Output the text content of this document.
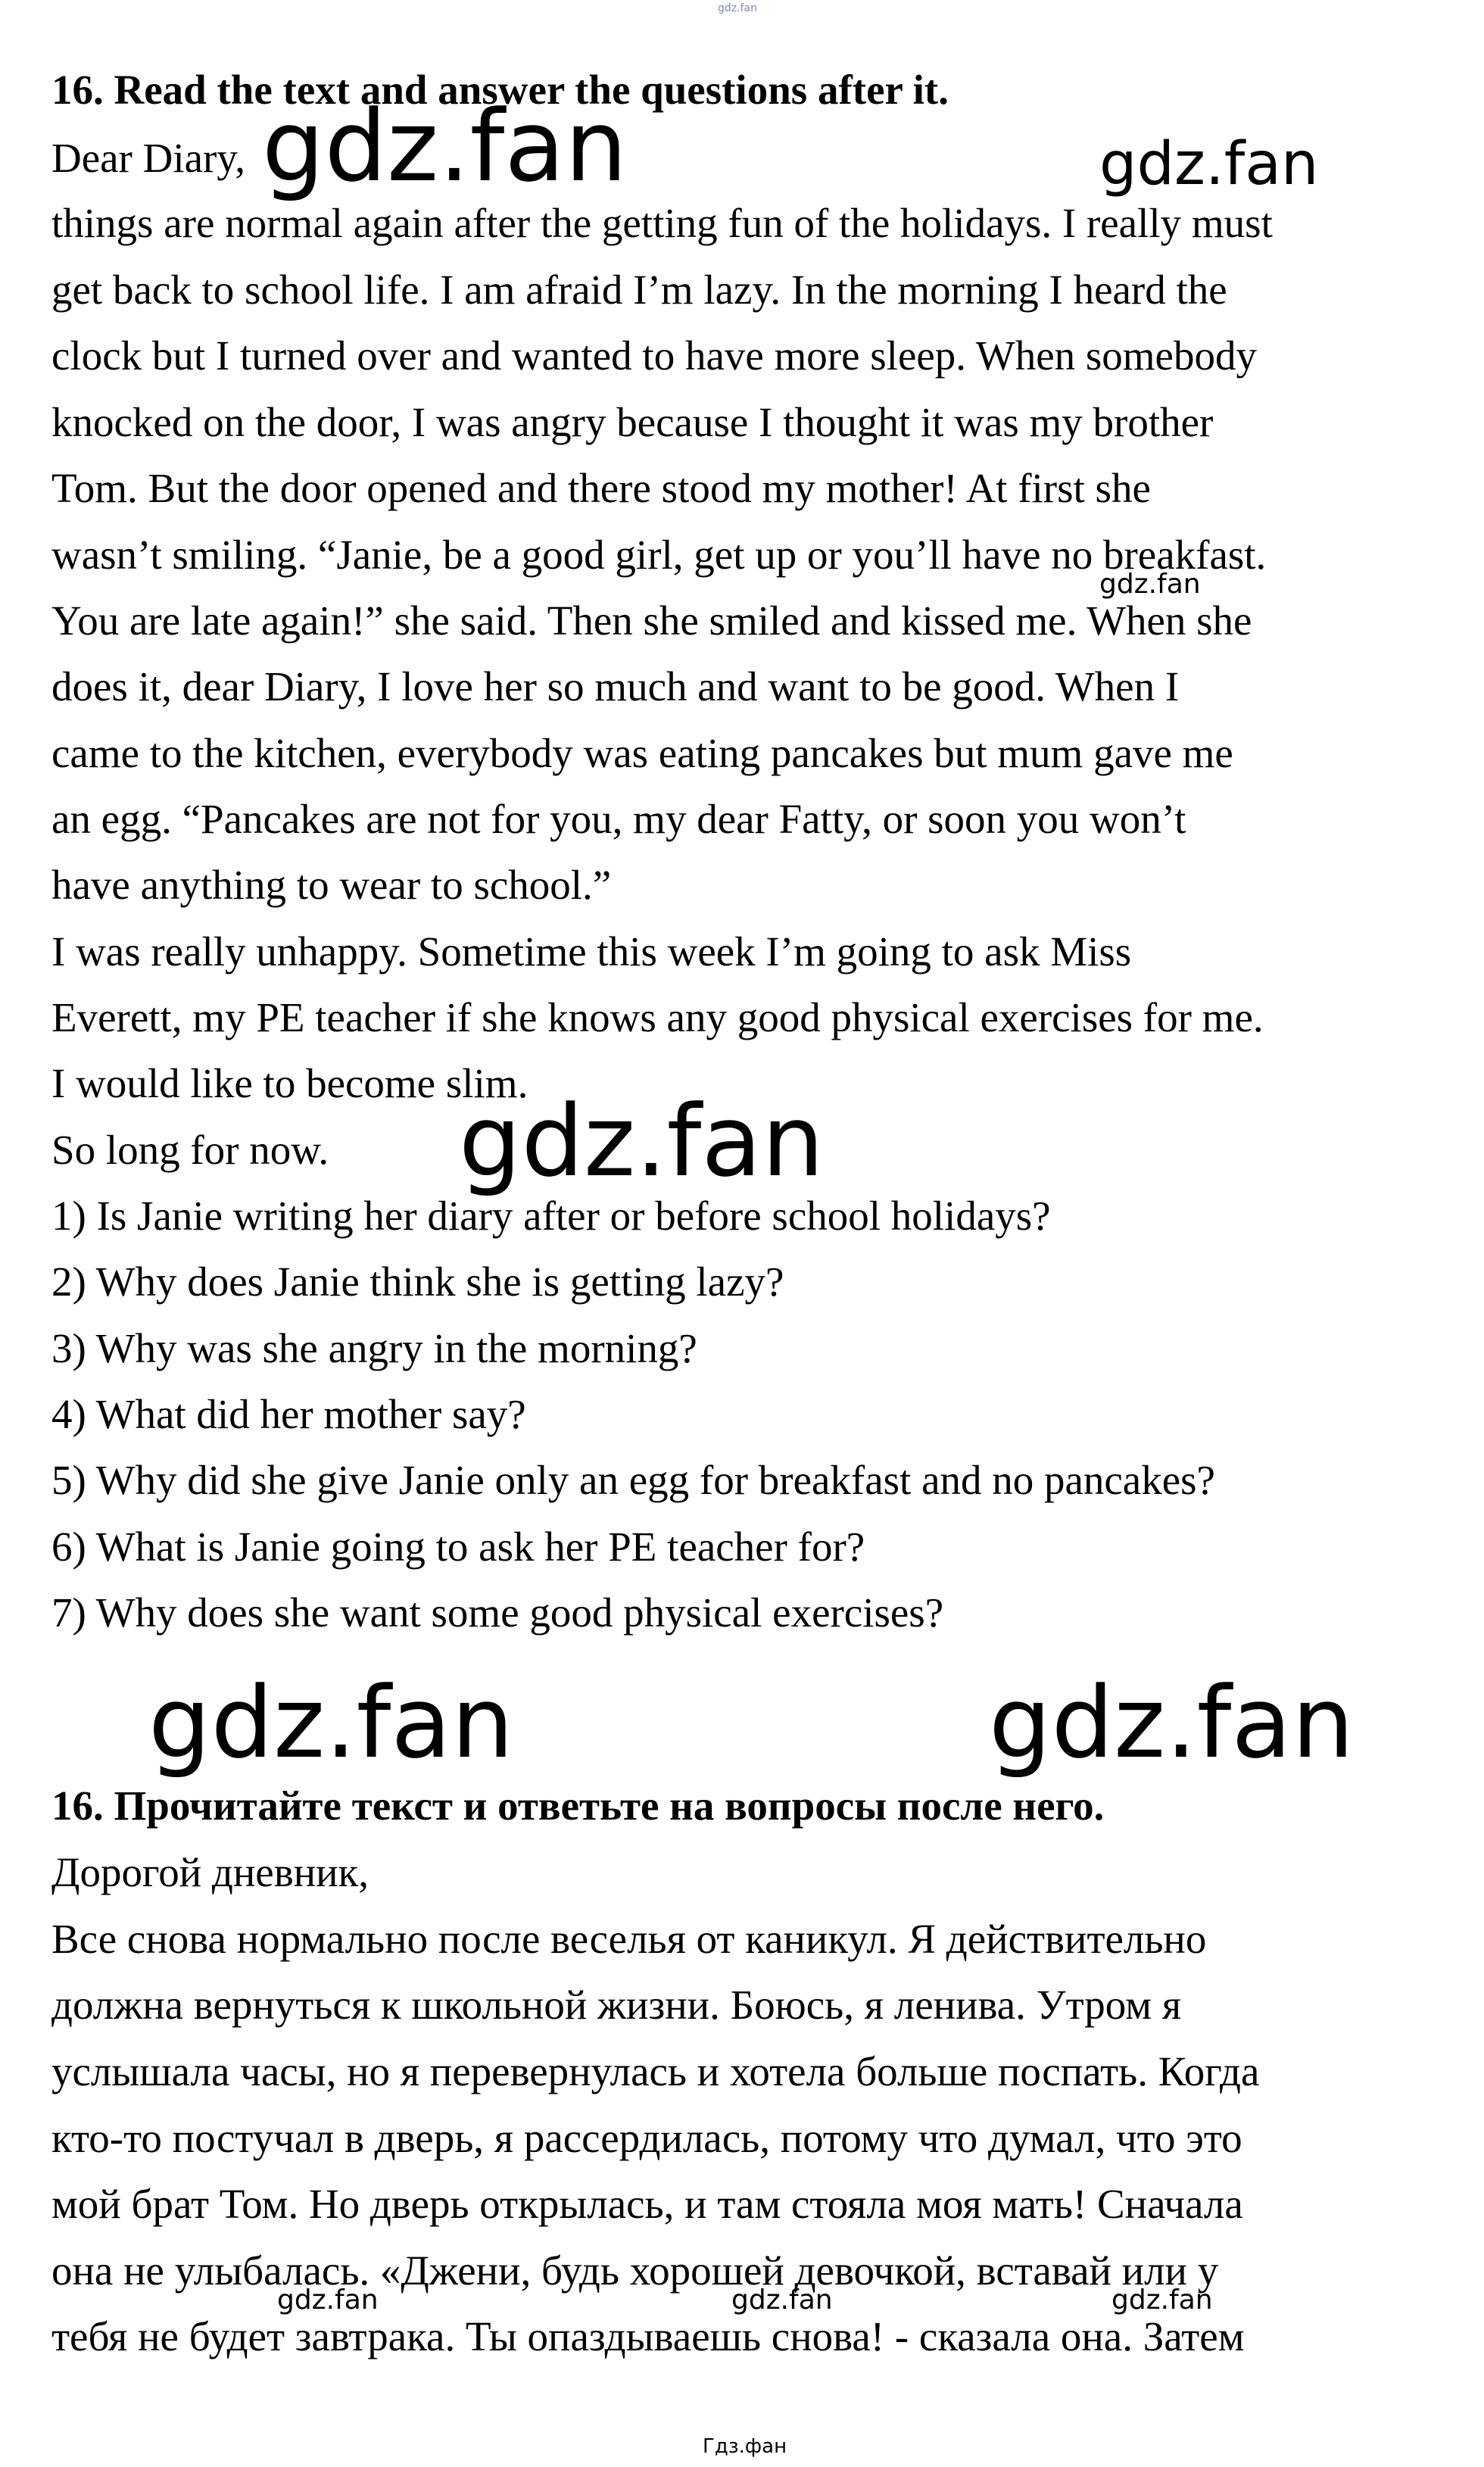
gdz.fan
16. Read the text and answer the questions after it.
Dear Diary,
things are normal again after the getting fun of the holidays. I really must
get back to school life. I am afraid I’m lazy. In the morning I heard the
clock but I turned over and wanted to have more sleep. When somebody
knocked on the door, I was angry because I thought it was my brother
Tom. But the door opened and there stood my mother! At first she
wasn’t smiling. “Janie, be a good girl, get up or you’ll have no breakfast.
You are late again!” she said. Then she smiled and kissed me. When she
does it, dear Diary, I love her so much and want to be good. When I
came to the kitchen, everybody was eating pancakes but mum gave me
an egg. “Pancakes are not for you, my dear Fatty, or soon you won’t
have anything to wear to school.”
I was really unhappy. Sometime this week I’m going to ask Miss
Everett, my PE teacher if she knows any good physical exercises for me.
I would like to become slim.
So long for now.
1) Is Janie writing her diary after or before school holidays?
2) Why does Janie think she is getting lazy?
3) Why was she angry in the morning?
4) What did her mother say?
5) Why did she give Janie only an egg for breakfast and no pancakes?
6) What is Janie going to ask her PE teacher for?
7) Why does she want some good physical exercises?
16. Прочитайте текст и ответьте на вопросы после него.
Дорогой дневник,
Все снова нормально после веселья от каникул. Я действительно
должна вернуться к школьной жизни. Боюсь, я ленива. Утром я
услышала часы, но я перевернулась и хотела больше поспать. Когда
кто-то постучал в дверь, я рассердилась, потому что думал, что это
мой брат Том. Но дверь открылась, и там стояла моя мать! Сначала
она не улыбалась. «Джени, будь хорошей девочкой, вставай или у
тебя не будет завтрака. Ты опаздываешь снова! - сказала она. Затем
gdz.fan	gdz.fan
gdz.fan
gdz.fan
gdz.fan	gdz.fan
gdz.fan	gdz.fan	gdz.fan
Гдз.фан
